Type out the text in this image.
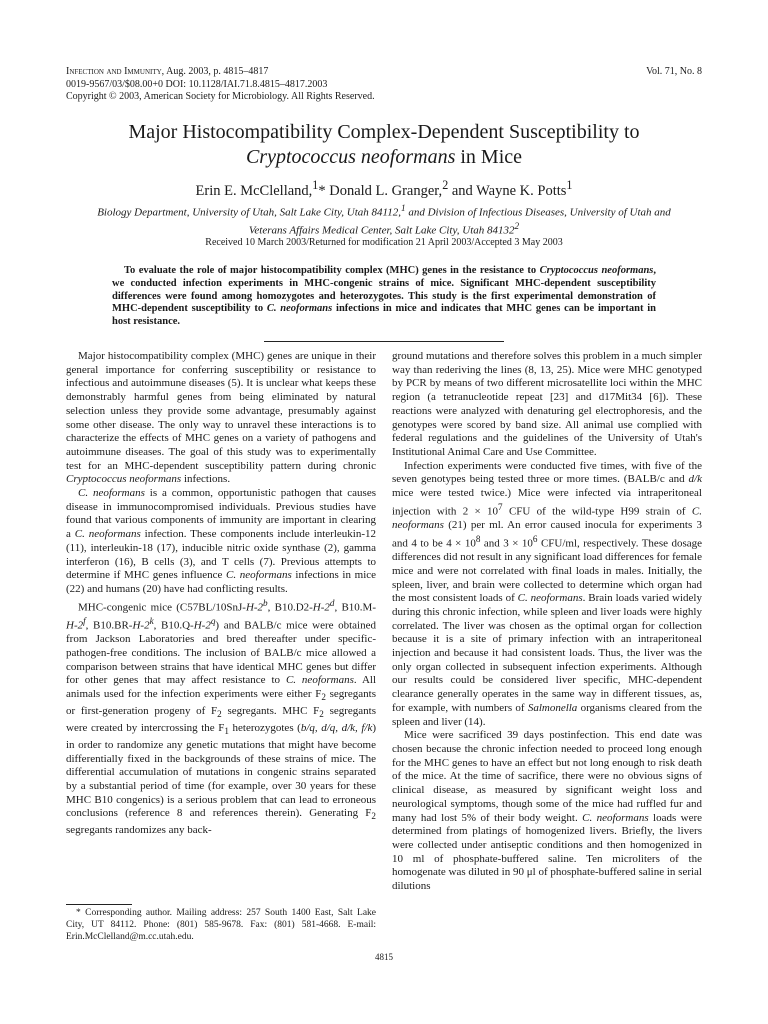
Infection and Immunity, Aug. 2003, p. 4815–4817
0019-9567/03/$08.00+0 DOI: 10.1128/IAI.71.8.4815–4817.2003
Copyright © 2003, American Society for Microbiology. All Rights Reserved.
Vol. 71, No. 8
Major Histocompatibility Complex-Dependent Susceptibility to
Cryptococcus neoformans in Mice
Erin E. McClelland,$^1$* Donald L. Granger,$^2$ and Wayne K. Potts$^1$
Biology Department, University of Utah, Salt Lake City, Utah 84112,$^1$ and Division of Infectious Diseases, University of Utah and Veterans Affairs Medical Center, Salt Lake City, Utah 84132$^2$
Received 10 March 2003/Returned for modification 21 April 2003/Accepted 3 May 2003
To evaluate the role of major histocompatibility complex (MHC) genes in the resistance to Cryptococcus neoformans, we conducted infection experiments in MHC-congenic strains of mice. Significant MHC-dependent susceptibility differences were found among homozygotes and heterozygotes. This study is the first experimental demonstration of MHC-dependent susceptibility to C. neoformans infections in mice and indicates that MHC genes can be important in host resistance.

Major histocompatibility complex (MHC) genes are unique in their general importance for conferring susceptibility or resistance to infectious and autoimmune diseases (5). It is unclear what keeps these demonstrably harmful genes from being eliminated by natural selection unless they provide some advantage, presumably against some other disease. The only way to unravel these interactions is to characterize the effects of MHC genes on a variety of pathogens and autoimmune diseases. The goal of this study was to experimentally test for an MHC-dependent susceptibility pattern during chronic Cryptococcus neoformans infections.

C. neoformans is a common, opportunistic pathogen that causes disease in immunocompromised individuals. Previous studies have found that various components of immunity are important in clearing a C. neoformans infection. These components include interleukin-12 (11), interleukin-18 (17), inducible nitric oxide synthase (2), gamma interferon (16), B cells (3), and T cells (7). Previous attempts to determine if MHC genes influence C. neoformans infections in mice (22) and humans (20) have had conflicting results.

MHC-congenic mice (C57BL/10SnJ-H-2$^b$, B10.D2-H-2$^d$, B10.M-H-2$^f$, B10.BR-H-2$^k$, B10.Q-H-2$^q$) and BALB/c mice were obtained from Jackson Laboratories and bred thereafter under specific-pathogen-free conditions. The inclusion of BALB/c mice allowed a comparison between strains that have identical MHC genes but differ for other genes that may affect resistance to C. neoformans. All animals used for the infection experiments were either $F_2$ segregants or first-generation progeny of $F_2$ segregants. MHC $F_2$ segregants were created by intercrossing the $F_1$ heterozygotes (b/q, d/q, d/k, f/k) in order to randomize any genetic mutations that might have become differentially fixed in the backgrounds of these strains of mice. The differential accumulation of mutations in congenic strains separated by a substantial period of time (for example, over 30 years for these MHC B10 congenics) is a serious problem that can lead to erroneous conclusions (reference 8 and references therein). Generating $F_2$ segregants randomizes any back-

ground mutations and therefore solves this problem in a much simpler way than rederiving the lines (8, 13, 25). Mice were MHC genotyped by PCR by means of two different microsatellite loci within the MHC region (a tetranucleotide repeat [23] and d17Mit34 [6]). These reactions were analyzed with denaturing gel electrophoresis, and the genotypes were scored by band size. All animal use complied with federal regulations and the guidelines of the University of Utah's Institutional Animal Care and Use Committee.

Infection experiments were conducted five times, with five of the seven genotypes being tested three or more times. (BALB/c and d/k mice were tested twice.) Mice were infected via intraperitoneal injection with $2 \times 10^7$ CFU of the wild-type H99 strain of C. neoformans (21) per ml. An error caused inocula for experiments 3 and 4 to be $4 \times 10^8$ and $3 \times 10^6$ CFU/ml, respectively. These dosage differences did not result in any significant load differences for female mice and were not correlated with final loads in males. Initially, the spleen, liver, and brain were collected to determine which organ had the most consistent loads of C. neoformans. Brain loads varied widely during this chronic infection, while spleen and liver loads were highly correlated. The liver was chosen as the optimal organ for collection because it is a site of primary infection with an intraperitoneal injection and because it had consistent loads. Thus, the liver was the only organ collected in subsequent infection experiments. Although our results could be considered liver specific, MHC-dependent clearance generally operates in the same way in different tissues, as, for example, with numbers of Salmonella organisms cleared from the spleen and liver (14).

Mice were sacrificed 39 days postinfection. This end date was chosen because the chronic infection needed to proceed long enough for the MHC genes to have an effect but not long enough to risk death of the mice. At the time of sacrifice, there were no obvious signs of clinical disease, as measured by significant weight loss and neurological symptoms, though some of the mice had ruffled fur and many had lost 5% of their body weight. C. neoformans loads were determined from platings of homogenized livers. Briefly, the livers were collected under antiseptic conditions and then homogenized in 10 ml of phosphate-buffered saline. Ten microliters of the homogenate was diluted in 90 μl of phosphate-buffered saline in serial dilutions

* Corresponding author. Mailing address: 257 South 1400 East, Salt Lake City, UT 84112. Phone: (801) 585-9678. Fax: (801) 581-4668. E-mail: Erin.McClelland@m.cc.utah.edu.
4815
